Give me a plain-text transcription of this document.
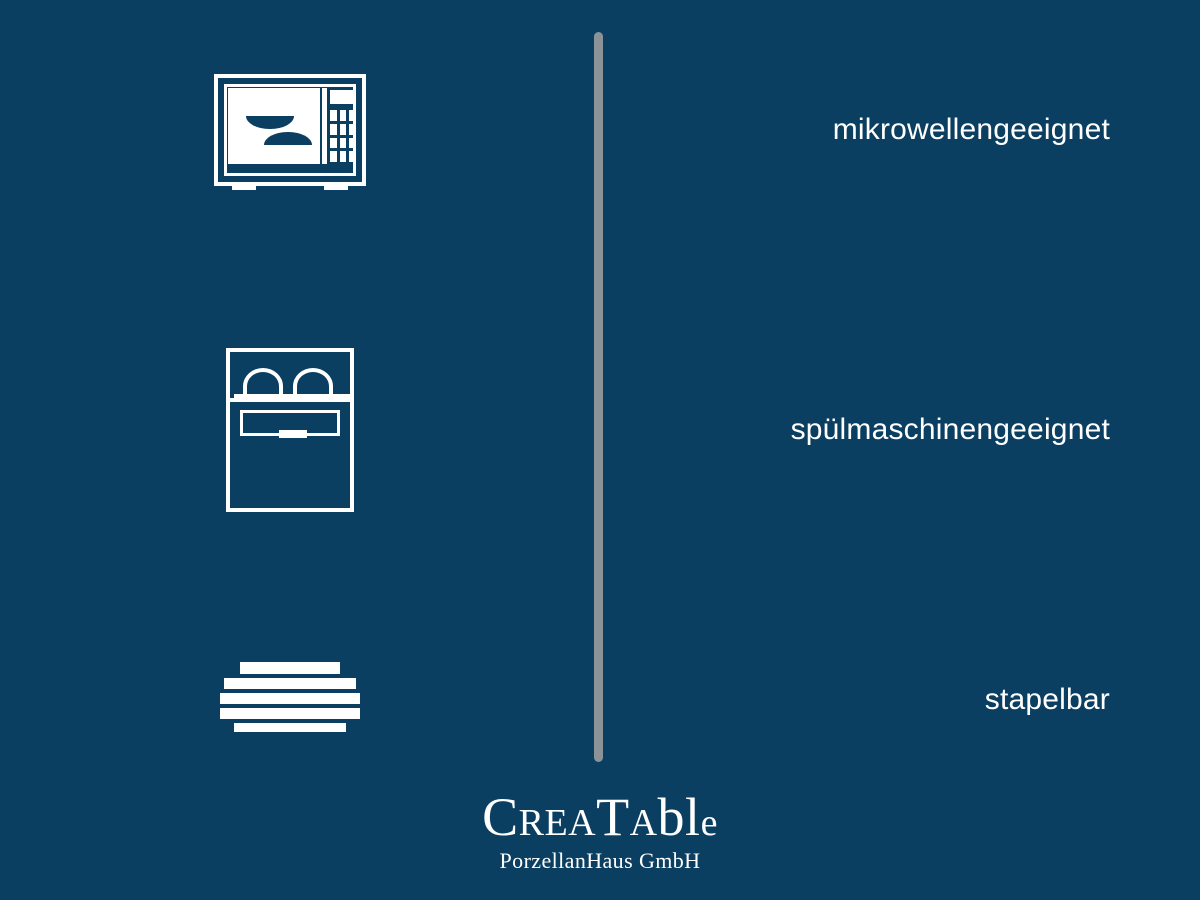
mikrowellengeeignet
spülmaschinengeeignet
stapelbar
CREATAble
PorzellanHaus GmbH
